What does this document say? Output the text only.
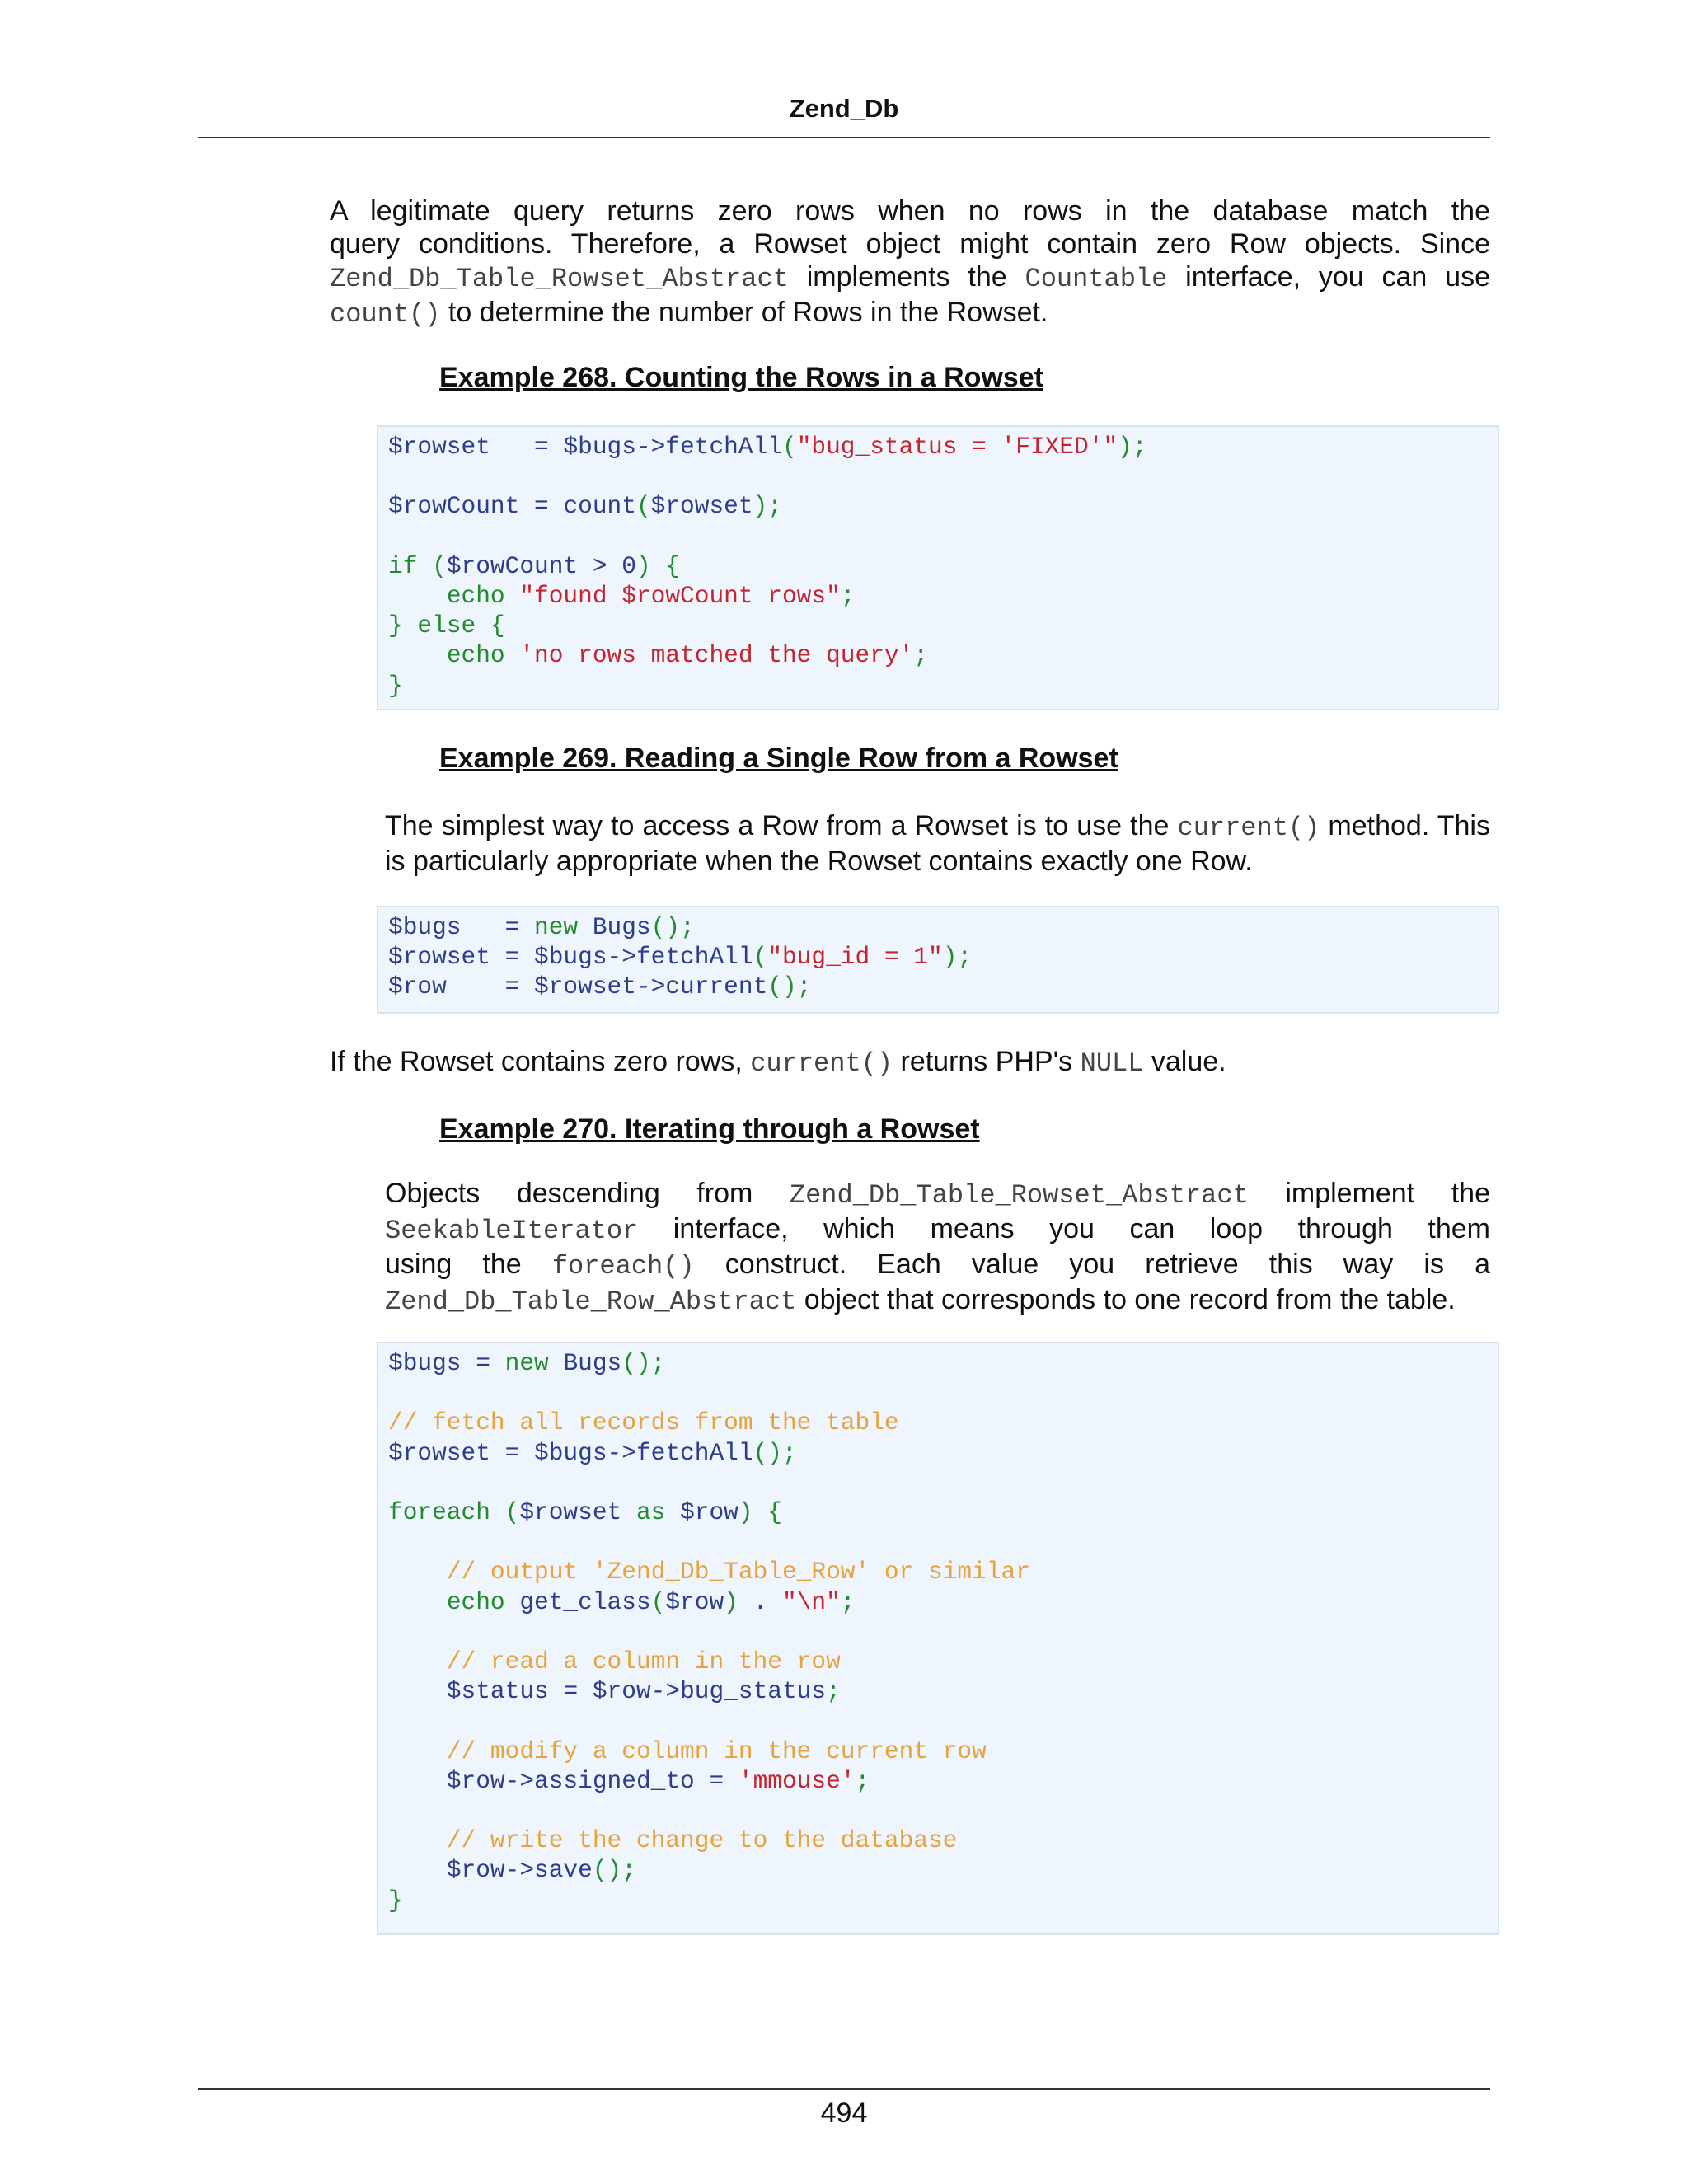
Zend_Db
A legitimate query returns zero rows when no rows in the database match the
query conditions. Therefore, a Rowset object might contain zero Row objects. Since
Zend_Db_Table_Rowset_Abstract implements the Countable interface, you can use
count() to determine the number of Rows in the Rowset.
Example 268. Counting the Rows in a Rowset
$rowset = $bugs->fetchAll("bug_status = 'FIXED'");

$rowCount = count($rowset);

if ($rowCount > 0) {
echo "found $rowCount rows";
} else {
echo 'no rows matched the query';
}
Example 269. Reading a Single Row from a Rowset
The simplest way to access a Row from a Rowset is to use the current() method. This
is particularly appropriate when the Rowset contains exactly one Row.
$bugs = new Bugs();
$rowset = $bugs->fetchAll("bug_id = 1");
$row = $rowset->current();
If the Rowset contains zero rows, current() returns PHP's NULL value.
Example 270. Iterating through a Rowset
Objects descending from Zend_Db_Table_Rowset_Abstract implement the
SeekableIterator interface, which means you can loop through them
using the foreach() construct. Each value you retrieve this way is a
Zend_Db_Table_Row_Abstract object that corresponds to one record from the table.
$bugs = new Bugs();

// fetch all records from the table
$rowset = $bugs->fetchAll();

foreach ($rowset as $row) {

// output 'Zend_Db_Table_Row' or similar
echo get_class($row) . "\n";

// read a column in the row
$status = $row->bug_status;

// modify a column in the current row
$row->assigned_to = 'mmouse';

// write the change to the database
$row->save();
}
494
